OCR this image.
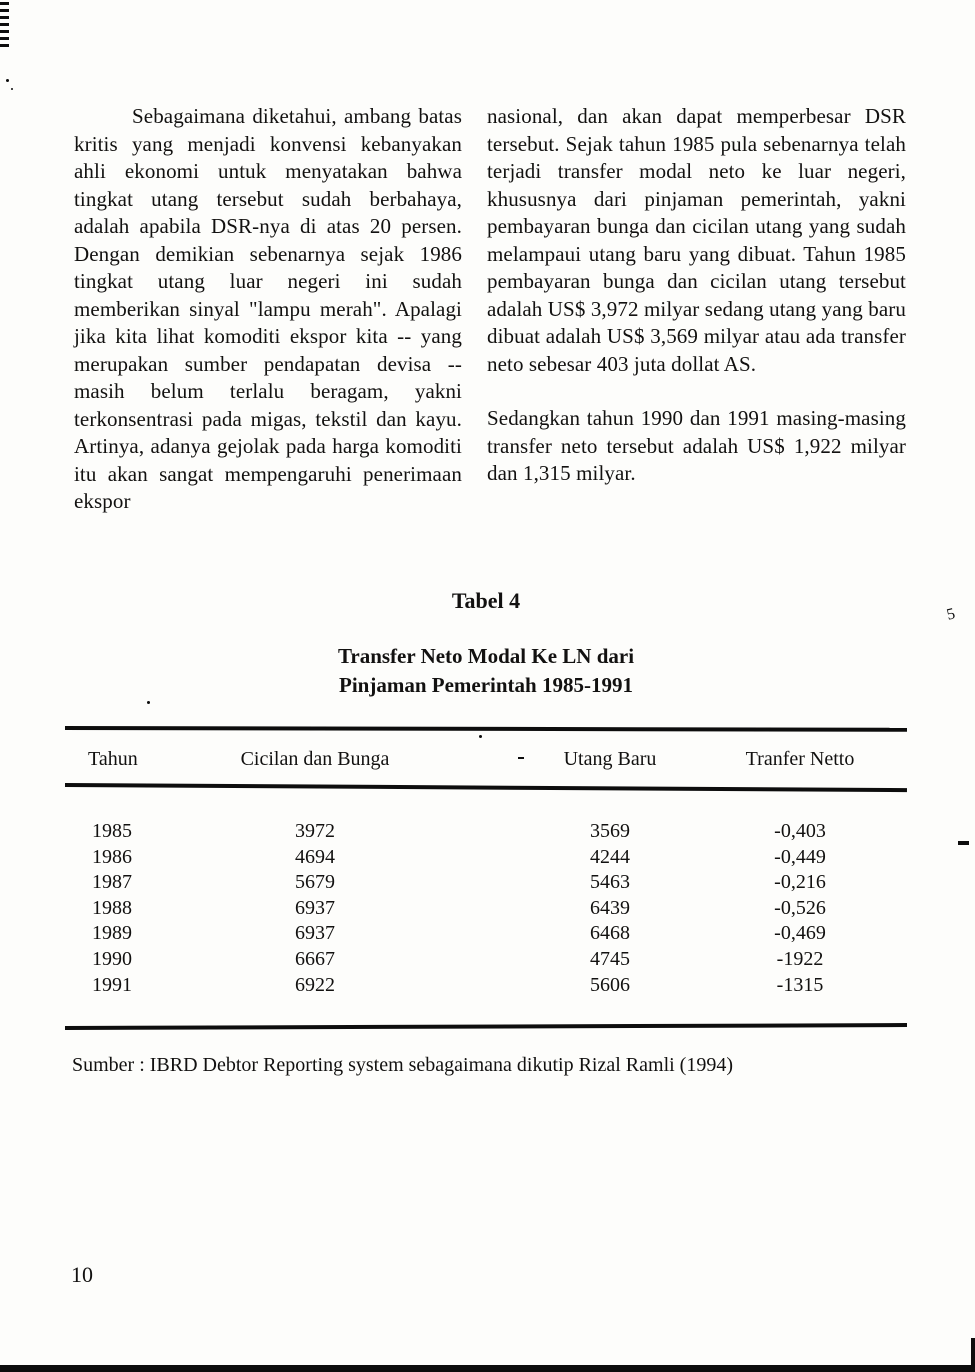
Sebagaimana diketahui, ambang batas kritis yang menjadi konvensi kebanyakan ahli ekonomi untuk menyatakan bahwa tingkat utang tersebut sudah berbahaya, adalah apabila DSR-nya di atas 20 persen. Dengan demikian sebenarnya sejak 1986 tingkat utang luar negeri ini sudah memberikan sinyal "lampu merah". Apalagi jika kita lihat komoditi ekspor kita -- yang merupakan sumber pendapatan devisa -- masih belum terlalu beragam, yakni terkonsentrasi pada migas, tekstil dan kayu. Artinya, adanya gejolak pada harga komoditi itu akan sangat mempengaruhi penerimaan ekspor

nasional, dan akan dapat memperbesar DSR tersebut. Sejak tahun 1985 pula sebenarnya telah terjadi transfer modal neto ke luar negeri, khususnya dari pinjaman pemerintah, yakni pembayaran bunga dan cicilan utang yang sudah melampaui utang baru yang dibuat. Tahun 1985 pembayaran bunga dan cicilan utang tersebut adalah US$ 3,972 milyar sedang utang yang baru dibuat adalah US$ 3,569 milyar atau ada transfer neto sebesar 403 juta dollat AS.

Sedangkan tahun 1990 dan 1991 masing-masing transfer neto tersebut adalah US$ 1,922 milyar dan 1,315 milyar.

Tabel 4
Transfer Neto Modal Ke LN dari
Pinjaman Pemerintah 1985-1991
Tahun	Cicilan dan Bunga	Utang Baru	Tranfer Netto
1985	3972	3569	-0,403
1986	4694	4244	-0,449
1987	5679	5463	-0,216
1988	6937	6439	-0,526
1989	6937	6468	-0,469
1990	6667	4745	-1922
1991	6922	5606	-1315
Sumber : IBRD Debtor Reporting system sebagaimana dikutip Rizal Ramli (1994)
10
5
